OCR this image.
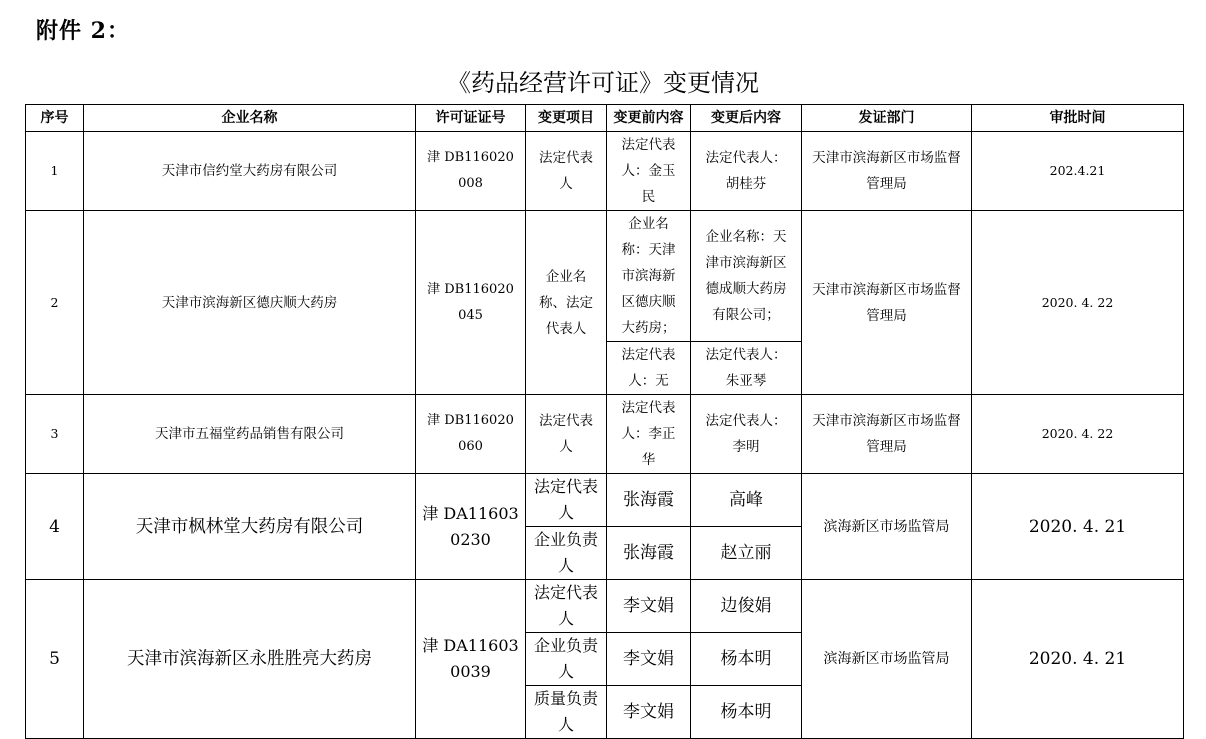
附件 2：
《药品经营许可证》变更情况
序号	企业名称	许可证证号	变更项目	变更前内容	变更后内容	发证部门	审批时间
1	天津市信约堂大药房有限公司	津 DB116020008	法定代表人	法定代表人：金玉民	法定代表人：胡桂芬	天津市滨海新区市场监督管理局	202.4.21
2	天津市滨海新区德庆顺大药房	津 DB116020045	企业名称、法定代表人	企业名称：天津市滨海新区德庆顺大药房；	企业名称：天津市滨海新区德成顺大药房有限公司；	天津市滨海新区市场监督管理局	2020. 4. 22
				法定代表人：无	法定代表人：朱亚琴		
3	天津市五福堂药品销售有限公司	津 DB116020060	法定代表人	法定代表人：李正华	法定代表人：李明	天津市滨海新区市场监督管理局	2020. 4. 22
4	天津市枫林堂大药房有限公司	津 DA116030230	法定代表人	张海霞	高峰	滨海新区市场监管局	2020. 4. 21
			企业负责人	张海霞	赵立丽		
5	天津市滨海新区永胜胜亮大药房	津 DA116030039	法定代表人	李文娟	边俊娟	滨海新区市场监管局	2020. 4. 21
			企业负责人	李文娟	杨本明		
			质量负责人	李文娟	杨本明		
